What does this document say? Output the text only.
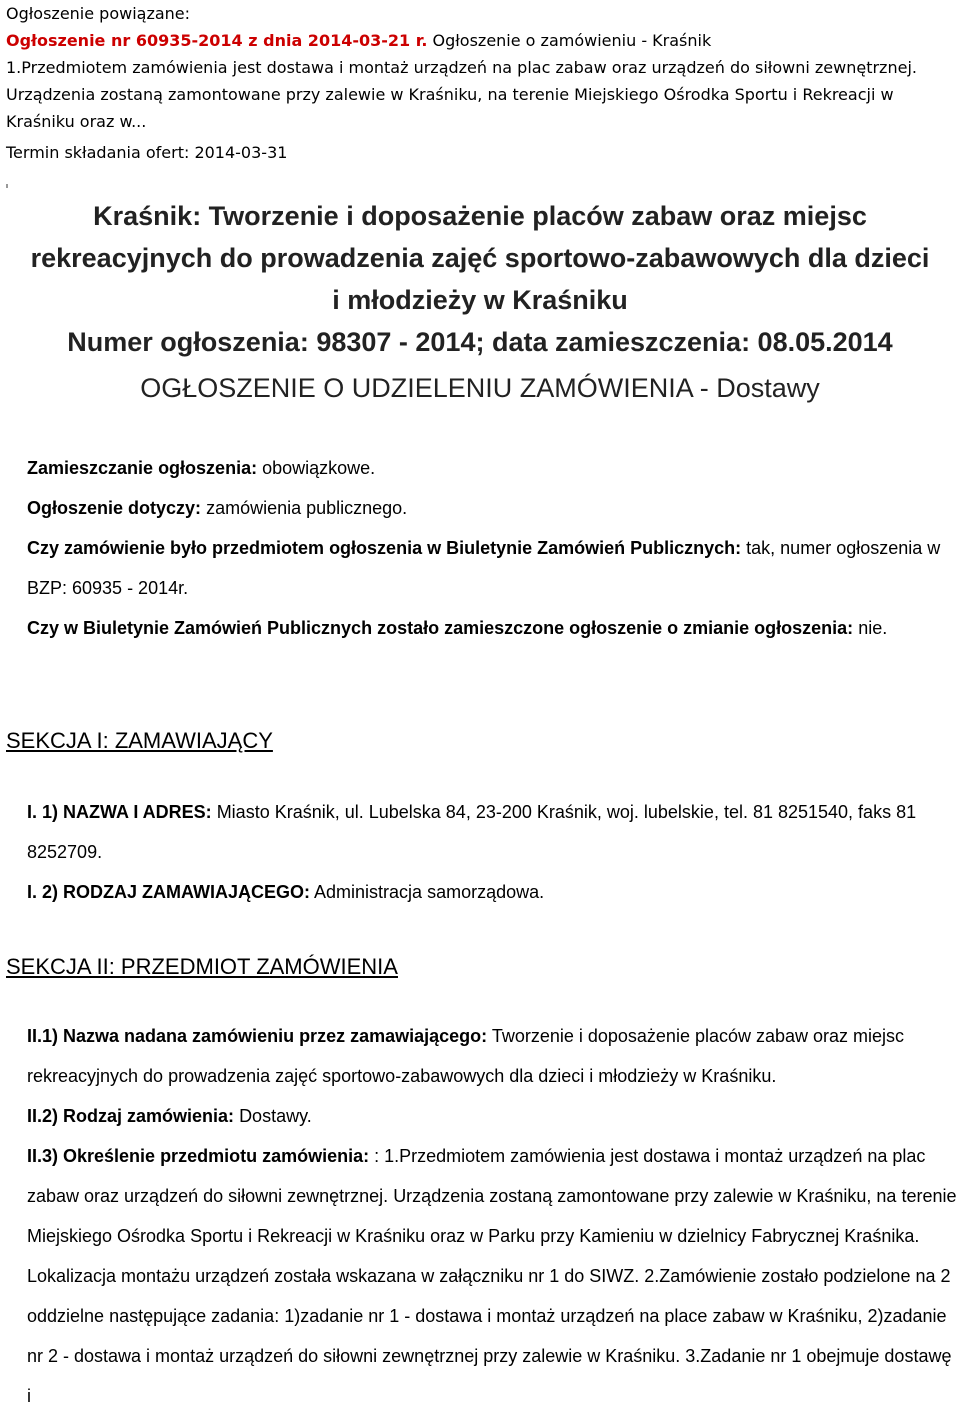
Ogłoszenie powiązane:
Ogłoszenie nr 60935-2014 z dnia 2014-03-21 r. Ogłoszenie o zamówieniu - Kraśnik
1.Przedmiotem zamówienia jest dostawa i montaż urządzeń na plac zabaw oraz urządzeń do siłowni zewnętrznej. Urządzenia zostaną zamontowane przy zalewie w Kraśniku, na terenie Miejskiego Ośrodka Sportu i Rekreacji w Kraśniku oraz w...
Termin składania ofert: 2014-03-31
Kraśnik: Tworzenie i doposażenie placów zabaw oraz miejsc rekreacyjnych do prowadzenia zajęć sportowo-zabawowych dla dzieci i młodzieży w Kraśniku
Numer ogłoszenia: 98307 - 2014; data zamieszczenia: 08.05.2014
OGŁOSZENIE O UDZIELENIU ZAMÓWIENIA - Dostawy

Zamieszczanie ogłoszenia: obowiązkowe.

Ogłoszenie dotyczy: zamówienia publicznego.

Czy zamówienie było przedmiotem ogłoszenia w Biuletynie Zamówień Publicznych: tak, numer ogłoszenia w BZP: 60935 - 2014r.

Czy w Biuletynie Zamówień Publicznych zostało zamieszczone ogłoszenie o zmianie ogłoszenia: nie.

SEKCJA I: ZAMAWIAJĄCY

I. 1) NAZWA I ADRES: Miasto Kraśnik, ul. Lubelska 84, 23-200 Kraśnik, woj. lubelskie, tel. 81 8251540, faks 81 8252709.

I. 2) RODZAJ ZAMAWIAJĄCEGO: Administracja samorządowa.

SEKCJA II: PRZEDMIOT ZAMÓWIENIA

II.1) Nazwa nadana zamówieniu przez zamawiającego: Tworzenie i doposażenie placów zabaw oraz miejsc rekreacyjnych do prowadzenia zajęć sportowo-zabawowych dla dzieci i młodzieży w Kraśniku.

II.2) Rodzaj zamówienia: Dostawy.

II.3) Określenie przedmiotu zamówienia: : 1.Przedmiotem zamówienia jest dostawa i montaż urządzeń na plac zabaw oraz urządzeń do siłowni zewnętrznej. Urządzenia zostaną zamontowane przy zalewie w Kraśniku, na terenie Miejskiego Ośrodka Sportu i Rekreacji w Kraśniku oraz w Parku przy Kamieniu w dzielnicy Fabrycznej Kraśnika. Lokalizacja montażu urządzeń została wskazana w załączniku nr 1 do SIWZ. 2.Zamówienie zostało podzielone na 2 oddzielne następujące zadania: 1)zadanie nr 1 - dostawa i montaż urządzeń na place zabaw w Kraśniku, 2)zadanie nr 2 - dostawa i montaż urządzeń do siłowni zewnętrznej przy zalewie w Kraśniku. 3.Zadanie nr 1 obejmuje dostawę i
